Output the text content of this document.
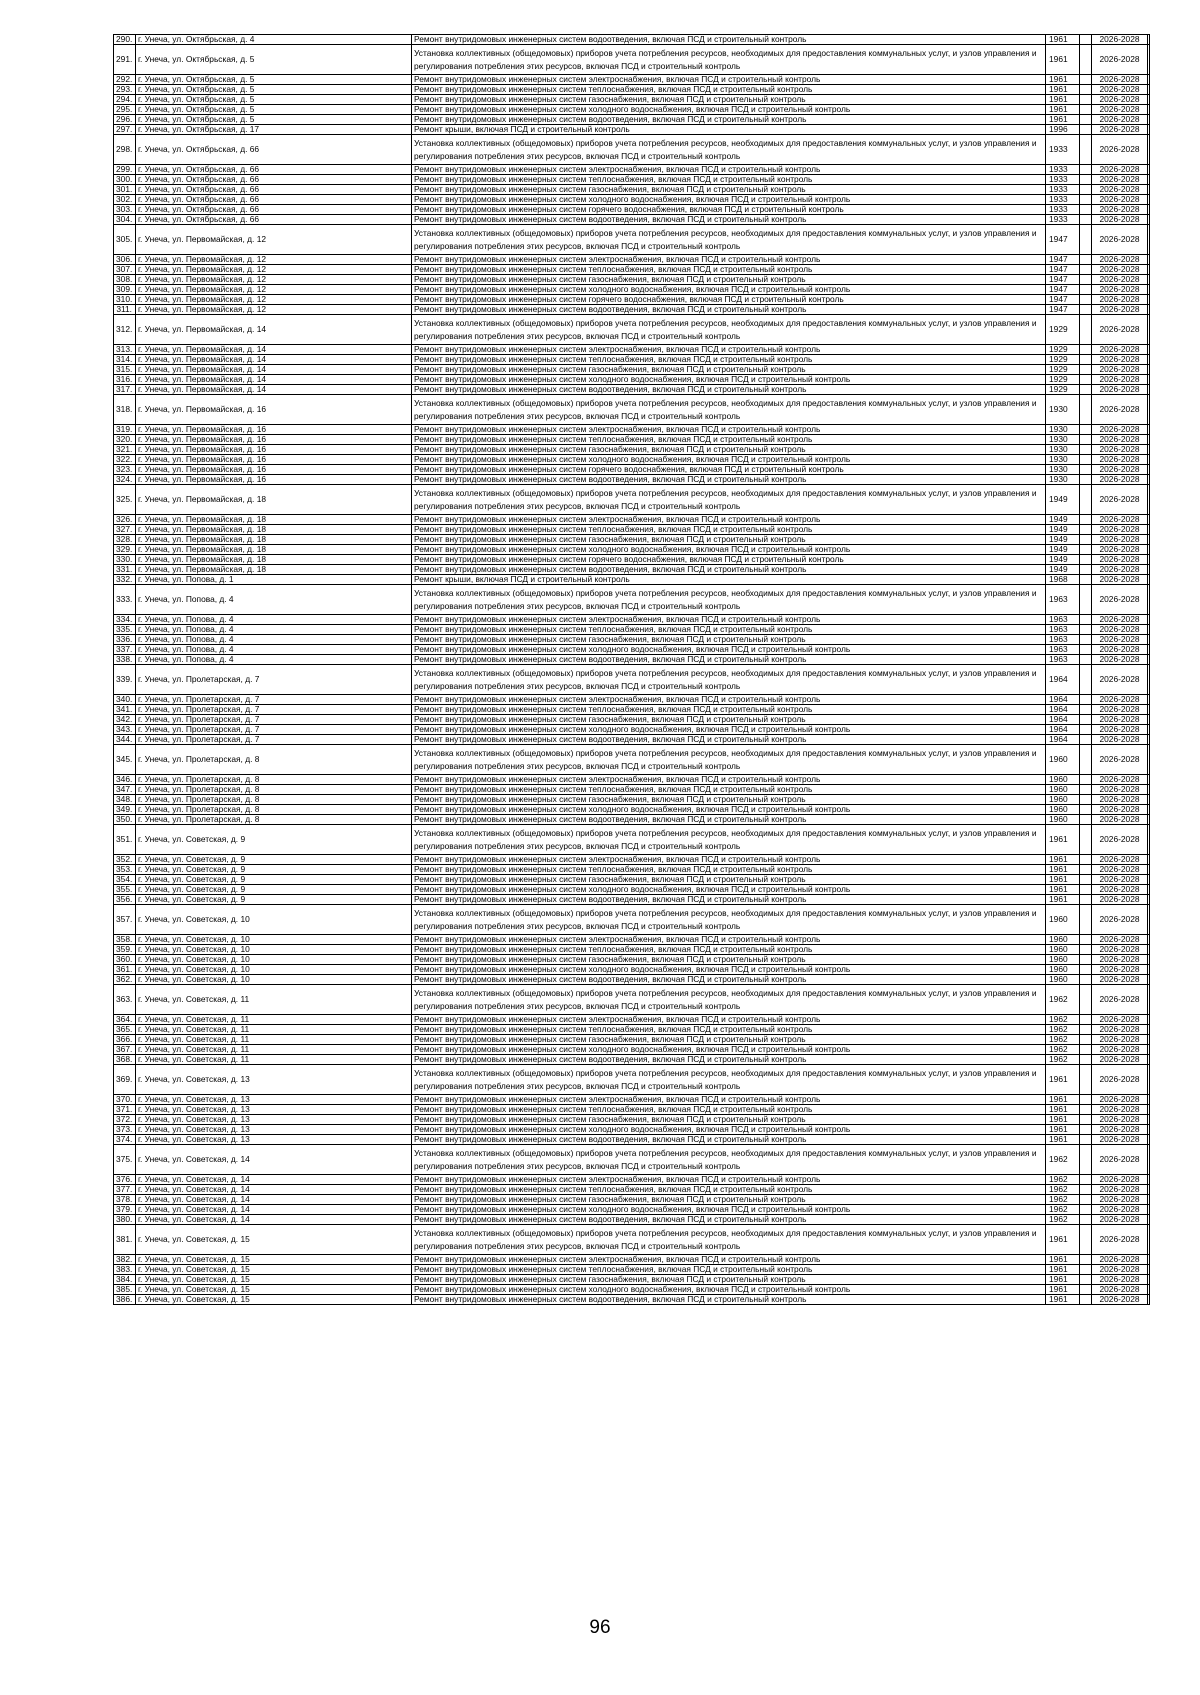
290.	г. Унеча, ул. Октябрьская, д. 4	Ремонт внутридомовых инженерных систем водоотведения, включая ПСД и строительный контроль	1961		2026-2028	
291.	г. Унеча, ул. Октябрьская, д. 5	Установка коллективных (общедомовых) приборов учета потребления ресурсов, необходимых для предоставления коммунальных услуг, и узлов управления и регулирования потребления этих ресурсов, включая ПСД и строительный контроль	1961		2026-2028	
292.	г. Унеча, ул. Октябрьская, д. 5	Ремонт внутридомовых инженерных систем электроснабжения, включая ПСД и строительный контроль	1961		2026-2028	
293.	г. Унеча, ул. Октябрьская, д. 5	Ремонт внутридомовых инженерных систем теплоснабжения, включая ПСД и строительный контроль	1961		2026-2028	
294.	г. Унеча, ул. Октябрьская, д. 5	Ремонт внутридомовых инженерных систем газоснабжения, включая ПСД и строительный контроль	1961		2026-2028	
295.	г. Унеча, ул. Октябрьская, д. 5	Ремонт внутридомовых инженерных систем холодного водоснабжения, включая ПСД и строительный контроль	1961		2026-2028	
296.	г. Унеча, ул. Октябрьская, д. 5	Ремонт внутридомовых инженерных систем водоотведения, включая ПСД и строительный контроль	1961		2026-2028	
297.	г. Унеча, ул. Октябрьская, д. 17	Ремонт крыши, включая ПСД и строительный контроль	1996		2026-2028	
298.	г. Унеча, ул. Октябрьская, д. 66	Установка коллективных (общедомовых) приборов учета потребления ресурсов, необходимых для предоставления коммунальных услуг, и узлов управления и регулирования потребления этих ресурсов, включая ПСД и строительный контроль	1933		2026-2028	
299.	г. Унеча, ул. Октябрьская, д. 66	Ремонт внутридомовых инженерных систем электроснабжения, включая ПСД и строительный контроль	1933		2026-2028	
300.	г. Унеча, ул. Октябрьская, д. 66	Ремонт внутридомовых инженерных систем теплоснабжения, включая ПСД и строительный контроль	1933		2026-2028	
301.	г. Унеча, ул. Октябрьская, д. 66	Ремонт внутридомовых инженерных систем газоснабжения, включая ПСД и строительный контроль	1933		2026-2028	
302.	г. Унеча, ул. Октябрьская, д. 66	Ремонт внутридомовых инженерных систем холодного водоснабжения, включая ПСД и строительный контроль	1933		2026-2028	
303.	г. Унеча, ул. Октябрьская, д. 66	Ремонт внутридомовых инженерных систем горячего водоснабжения, включая ПСД и строительный контроль	1933		2026-2028	
304.	г. Унеча, ул. Октябрьская, д. 66	Ремонт внутридомовых инженерных систем водоотведения, включая ПСД и строительный контроль	1933		2026-2028	
305.	г. Унеча, ул. Первомайская, д. 12	Установка коллективных (общедомовых) приборов учета потребления ресурсов, необходимых для предоставления коммунальных услуг, и узлов управления и регулирования потребления этих ресурсов, включая ПСД и строительный контроль	1947		2026-2028	
306.	г. Унеча, ул. Первомайская, д. 12	Ремонт внутридомовых инженерных систем электроснабжения, включая ПСД и строительный контроль	1947		2026-2028	
307.	г. Унеча, ул. Первомайская, д. 12	Ремонт внутридомовых инженерных систем теплоснабжения, включая ПСД и строительный контроль	1947		2026-2028	
308.	г. Унеча, ул. Первомайская, д. 12	Ремонт внутридомовых инженерных систем газоснабжения, включая ПСД и строительный контроль	1947		2026-2028	
309.	г. Унеча, ул. Первомайская, д. 12	Ремонт внутридомовых инженерных систем холодного водоснабжения, включая ПСД и строительный контроль	1947		2026-2028	
310.	г. Унеча, ул. Первомайская, д. 12	Ремонт внутридомовых инженерных систем горячего водоснабжения, включая ПСД и строительный контроль	1947		2026-2028	
311.	г. Унеча, ул. Первомайская, д. 12	Ремонт внутридомовых инженерных систем водоотведения, включая ПСД и строительный контроль	1947		2026-2028	
312.	г. Унеча, ул. Первомайская, д. 14	Установка коллективных (общедомовых) приборов учета потребления ресурсов, необходимых для предоставления коммунальных услуг, и узлов управления и регулирования потребления этих ресурсов, включая ПСД и строительный контроль	1929		2026-2028	
313.	г. Унеча, ул. Первомайская, д. 14	Ремонт внутридомовых инженерных систем электроснабжения, включая ПСД и строительный контроль	1929		2026-2028	
314.	г. Унеча, ул. Первомайская, д. 14	Ремонт внутридомовых инженерных систем теплоснабжения, включая ПСД и строительный контроль	1929		2026-2028	
315.	г. Унеча, ул. Первомайская, д. 14	Ремонт внутридомовых инженерных систем газоснабжения, включая ПСД и строительный контроль	1929		2026-2028	
316.	г. Унеча, ул. Первомайская, д. 14	Ремонт внутридомовых инженерных систем холодного водоснабжения, включая ПСД и строительный контроль	1929		2026-2028	
317.	г. Унеча, ул. Первомайская, д. 14	Ремонт внутридомовых инженерных систем водоотведения, включая ПСД и строительный контроль	1929		2026-2028	
318.	г. Унеча, ул. Первомайская, д. 16	Установка коллективных (общедомовых) приборов учета потребления ресурсов, необходимых для предоставления коммунальных услуг, и узлов управления и регулирования потребления этих ресурсов, включая ПСД и строительный контроль	1930		2026-2028	
319.	г. Унеча, ул. Первомайская, д. 16	Ремонт внутридомовых инженерных систем электроснабжения, включая ПСД и строительный контроль	1930		2026-2028	
320.	г. Унеча, ул. Первомайская, д. 16	Ремонт внутридомовых инженерных систем теплоснабжения, включая ПСД и строительный контроль	1930		2026-2028	
321.	г. Унеча, ул. Первомайская, д. 16	Ремонт внутридомовых инженерных систем газоснабжения, включая ПСД и строительный контроль	1930		2026-2028	
322.	г. Унеча, ул. Первомайская, д. 16	Ремонт внутридомовых инженерных систем холодного водоснабжения, включая ПСД и строительный контроль	1930		2026-2028	
323.	г. Унеча, ул. Первомайская, д. 16	Ремонт внутридомовых инженерных систем горячего водоснабжения, включая ПСД и строительный контроль	1930		2026-2028	
324.	г. Унеча, ул. Первомайская, д. 16	Ремонт внутридомовых инженерных систем водоотведения, включая ПСД и строительный контроль	1930		2026-2028	
325.	г. Унеча, ул. Первомайская, д. 18	Установка коллективных (общедомовых) приборов учета потребления ресурсов, необходимых для предоставления коммунальных услуг, и узлов управления и регулирования потребления этих ресурсов, включая ПСД и строительный контроль	1949		2026-2028	
326.	г. Унеча, ул. Первомайская, д. 18	Ремонт внутридомовых инженерных систем электроснабжения, включая ПСД и строительный контроль	1949		2026-2028	
327.	г. Унеча, ул. Первомайская, д. 18	Ремонт внутридомовых инженерных систем теплоснабжения, включая ПСД и строительный контроль	1949		2026-2028	
328.	г. Унеча, ул. Первомайская, д. 18	Ремонт внутридомовых инженерных систем газоснабжения, включая ПСД и строительный контроль	1949		2026-2028	
329.	г. Унеча, ул. Первомайская, д. 18	Ремонт внутридомовых инженерных систем холодного водоснабжения, включая ПСД и строительный контроль	1949		2026-2028	
330.	г. Унеча, ул. Первомайская, д. 18	Ремонт внутридомовых инженерных систем горячего водоснабжения, включая ПСД и строительный контроль	1949		2026-2028	
331.	г. Унеча, ул. Первомайская, д. 18	Ремонт внутридомовых инженерных систем водоотведения, включая ПСД и строительный контроль	1949		2026-2028	
332.	г. Унеча, ул. Попова, д. 1	Ремонт крыши, включая ПСД и строительный контроль	1968		2026-2028	
333.	г. Унеча, ул. Попова, д. 4	Установка коллективных (общедомовых) приборов учета потребления ресурсов, необходимых для предоставления коммунальных услуг, и узлов управления и регулирования потребления этих ресурсов, включая ПСД и строительный контроль	1963		2026-2028	
334.	г. Унеча, ул. Попова, д. 4	Ремонт внутридомовых инженерных систем электроснабжения, включая ПСД и строительный контроль	1963		2026-2028	
335.	г. Унеча, ул. Попова, д. 4	Ремонт внутридомовых инженерных систем теплоснабжения, включая ПСД и строительный контроль	1963		2026-2028	
336.	г. Унеча, ул. Попова, д. 4	Ремонт внутридомовых инженерных систем газоснабжения, включая ПСД и строительный контроль	1963		2026-2028	
337.	г. Унеча, ул. Попова, д. 4	Ремонт внутридомовых инженерных систем холодного водоснабжения, включая ПСД и строительный контроль	1963		2026-2028	
338.	г. Унеча, ул. Попова, д. 4	Ремонт внутридомовых инженерных систем водоотведения, включая ПСД и строительный контроль	1963		2026-2028	
339.	г. Унеча, ул. Пролетарская, д. 7	Установка коллективных (общедомовых) приборов учета потребления ресурсов, необходимых для предоставления коммунальных услуг, и узлов управления и регулирования потребления этих ресурсов, включая ПСД и строительный контроль	1964		2026-2028	
340.	г. Унеча, ул. Пролетарская, д. 7	Ремонт внутридомовых инженерных систем электроснабжения, включая ПСД и строительный контроль	1964		2026-2028	
341.	г. Унеча, ул. Пролетарская, д. 7	Ремонт внутридомовых инженерных систем теплоснабжения, включая ПСД и строительный контроль	1964		2026-2028	
342.	г. Унеча, ул. Пролетарская, д. 7	Ремонт внутридомовых инженерных систем газоснабжения, включая ПСД и строительный контроль	1964		2026-2028	
343.	г. Унеча, ул. Пролетарская, д. 7	Ремонт внутридомовых инженерных систем холодного водоснабжения, включая ПСД и строительный контроль	1964		2026-2028	
344.	г. Унеча, ул. Пролетарская, д. 7	Ремонт внутридомовых инженерных систем водоотведения, включая ПСД и строительный контроль	1964		2026-2028	
345.	г. Унеча, ул. Пролетарская, д. 8	Установка коллективных (общедомовых) приборов учета потребления ресурсов, необходимых для предоставления коммунальных услуг, и узлов управления и регулирования потребления этих ресурсов, включая ПСД и строительный контроль	1960		2026-2028	
346.	г. Унеча, ул. Пролетарская, д. 8	Ремонт внутридомовых инженерных систем электроснабжения, включая ПСД и строительный контроль	1960		2026-2028	
347.	г. Унеча, ул. Пролетарская, д. 8	Ремонт внутридомовых инженерных систем теплоснабжения, включая ПСД и строительный контроль	1960		2026-2028	
348.	г. Унеча, ул. Пролетарская, д. 8	Ремонт внутридомовых инженерных систем газоснабжения, включая ПСД и строительный контроль	1960		2026-2028	
349.	г. Унеча, ул. Пролетарская, д. 8	Ремонт внутридомовых инженерных систем холодного водоснабжения, включая ПСД и строительный контроль	1960		2026-2028	
350.	г. Унеча, ул. Пролетарская, д. 8	Ремонт внутридомовых инженерных систем водоотведения, включая ПСД и строительный контроль	1960		2026-2028	
351.	г. Унеча, ул. Советская, д. 9	Установка коллективных (общедомовых) приборов учета потребления ресурсов, необходимых для предоставления коммунальных услуг, и узлов управления и регулирования потребления этих ресурсов, включая ПСД и строительный контроль	1961		2026-2028	
352.	г. Унеча, ул. Советская, д. 9	Ремонт внутридомовых инженерных систем электроснабжения, включая ПСД и строительный контроль	1961		2026-2028	
353.	г. Унеча, ул. Советская, д. 9	Ремонт внутридомовых инженерных систем теплоснабжения, включая ПСД и строительный контроль	1961		2026-2028	
354.	г. Унеча, ул. Советская, д. 9	Ремонт внутридомовых инженерных систем газоснабжения, включая ПСД и строительный контроль	1961		2026-2028	
355.	г. Унеча, ул. Советская, д. 9	Ремонт внутридомовых инженерных систем холодного водоснабжения, включая ПСД и строительный контроль	1961		2026-2028	
356.	г. Унеча, ул. Советская, д. 9	Ремонт внутридомовых инженерных систем водоотведения, включая ПСД и строительный контроль	1961		2026-2028	
357.	г. Унеча, ул. Советская, д. 10	Установка коллективных (общедомовых) приборов учета потребления ресурсов, необходимых для предоставления коммунальных услуг, и узлов управления и регулирования потребления этих ресурсов, включая ПСД и строительный контроль	1960		2026-2028	
358.	г. Унеча, ул. Советская, д. 10	Ремонт внутридомовых инженерных систем электроснабжения, включая ПСД и строительный контроль	1960		2026-2028	
359.	г. Унеча, ул. Советская, д. 10	Ремонт внутридомовых инженерных систем теплоснабжения, включая ПСД и строительный контроль	1960		2026-2028	
360.	г. Унеча, ул. Советская, д. 10	Ремонт внутридомовых инженерных систем газоснабжения, включая ПСД и строительный контроль	1960		2026-2028	
361.	г. Унеча, ул. Советская, д. 10	Ремонт внутридомовых инженерных систем холодного водоснабжения, включая ПСД и строительный контроль	1960		2026-2028	
362.	г. Унеча, ул. Советская, д. 10	Ремонт внутридомовых инженерных систем водоотведения, включая ПСД и строительный контроль	1960		2026-2028	
363.	г. Унеча, ул. Советская, д. 11	Установка коллективных (общедомовых) приборов учета потребления ресурсов, необходимых для предоставления коммунальных услуг, и узлов управления и регулирования потребления этих ресурсов, включая ПСД и строительный контроль	1962		2026-2028	
364.	г. Унеча, ул. Советская, д. 11	Ремонт внутридомовых инженерных систем электроснабжения, включая ПСД и строительный контроль	1962		2026-2028	
365.	г. Унеча, ул. Советская, д. 11	Ремонт внутридомовых инженерных систем теплоснабжения, включая ПСД и строительный контроль	1962		2026-2028	
366.	г. Унеча, ул. Советская, д. 11	Ремонт внутридомовых инженерных систем газоснабжения, включая ПСД и строительный контроль	1962		2026-2028	
367.	г. Унеча, ул. Советская, д. 11	Ремонт внутридомовых инженерных систем холодного водоснабжения, включая ПСД и строительный контроль	1962		2026-2028	
368.	г. Унеча, ул. Советская, д. 11	Ремонт внутридомовых инженерных систем водоотведения, включая ПСД и строительный контроль	1962		2026-2028	
369.	г. Унеча, ул. Советская, д. 13	Установка коллективных (общедомовых) приборов учета потребления ресурсов, необходимых для предоставления коммунальных услуг, и узлов управления и регулирования потребления этих ресурсов, включая ПСД и строительный контроль	1961		2026-2028	
370.	г. Унеча, ул. Советская, д. 13	Ремонт внутридомовых инженерных систем электроснабжения, включая ПСД и строительный контроль	1961		2026-2028	
371.	г. Унеча, ул. Советская, д. 13	Ремонт внутридомовых инженерных систем теплоснабжения, включая ПСД и строительный контроль	1961		2026-2028	
372.	г. Унеча, ул. Советская, д. 13	Ремонт внутридомовых инженерных систем газоснабжения, включая ПСД и строительный контроль	1961		2026-2028	
373.	г. Унеча, ул. Советская, д. 13	Ремонт внутридомовых инженерных систем холодного водоснабжения, включая ПСД и строительный контроль	1961		2026-2028	
374.	г. Унеча, ул. Советская, д. 13	Ремонт внутридомовых инженерных систем водоотведения, включая ПСД и строительный контроль	1961		2026-2028	
375.	г. Унеча, ул. Советская, д. 14	Установка коллективных (общедомовых) приборов учета потребления ресурсов, необходимых для предоставления коммунальных услуг, и узлов управления и регулирования потребления этих ресурсов, включая ПСД и строительный контроль	1962		2026-2028	
376.	г. Унеча, ул. Советская, д. 14	Ремонт внутридомовых инженерных систем электроснабжения, включая ПСД и строительный контроль	1962		2026-2028	
377.	г. Унеча, ул. Советская, д. 14	Ремонт внутридомовых инженерных систем теплоснабжения, включая ПСД и строительный контроль	1962		2026-2028	
378.	г. Унеча, ул. Советская, д. 14	Ремонт внутридомовых инженерных систем газоснабжения, включая ПСД и строительный контроль	1962		2026-2028	
379.	г. Унеча, ул. Советская, д. 14	Ремонт внутридомовых инженерных систем холодного водоснабжения, включая ПСД и строительный контроль	1962		2026-2028	
380.	г. Унеча, ул. Советская, д. 14	Ремонт внутридомовых инженерных систем водоотведения, включая ПСД и строительный контроль	1962		2026-2028	
381.	г. Унеча, ул. Советская, д. 15	Установка коллективных (общедомовых) приборов учета потребления ресурсов, необходимых для предоставления коммунальных услуг, и узлов управления и регулирования потребления этих ресурсов, включая ПСД и строительный контроль	1961		2026-2028	
382.	г. Унеча, ул. Советская, д. 15	Ремонт внутридомовых инженерных систем электроснабжения, включая ПСД и строительный контроль	1961		2026-2028	
383.	г. Унеча, ул. Советская, д. 15	Ремонт внутридомовых инженерных систем теплоснабжения, включая ПСД и строительный контроль	1961		2026-2028	
384.	г. Унеча, ул. Советская, д. 15	Ремонт внутридомовых инженерных систем газоснабжения, включая ПСД и строительный контроль	1961		2026-2028	
385.	г. Унеча, ул. Советская, д. 15	Ремонт внутридомовых инженерных систем холодного водоснабжения, включая ПСД и строительный контроль	1961		2026-2028	
386.	г. Унеча, ул. Советская, д. 15	Ремонт внутридомовых инженерных систем водоотведения, включая ПСД и строительный контроль	1961		2026-2028	
96
